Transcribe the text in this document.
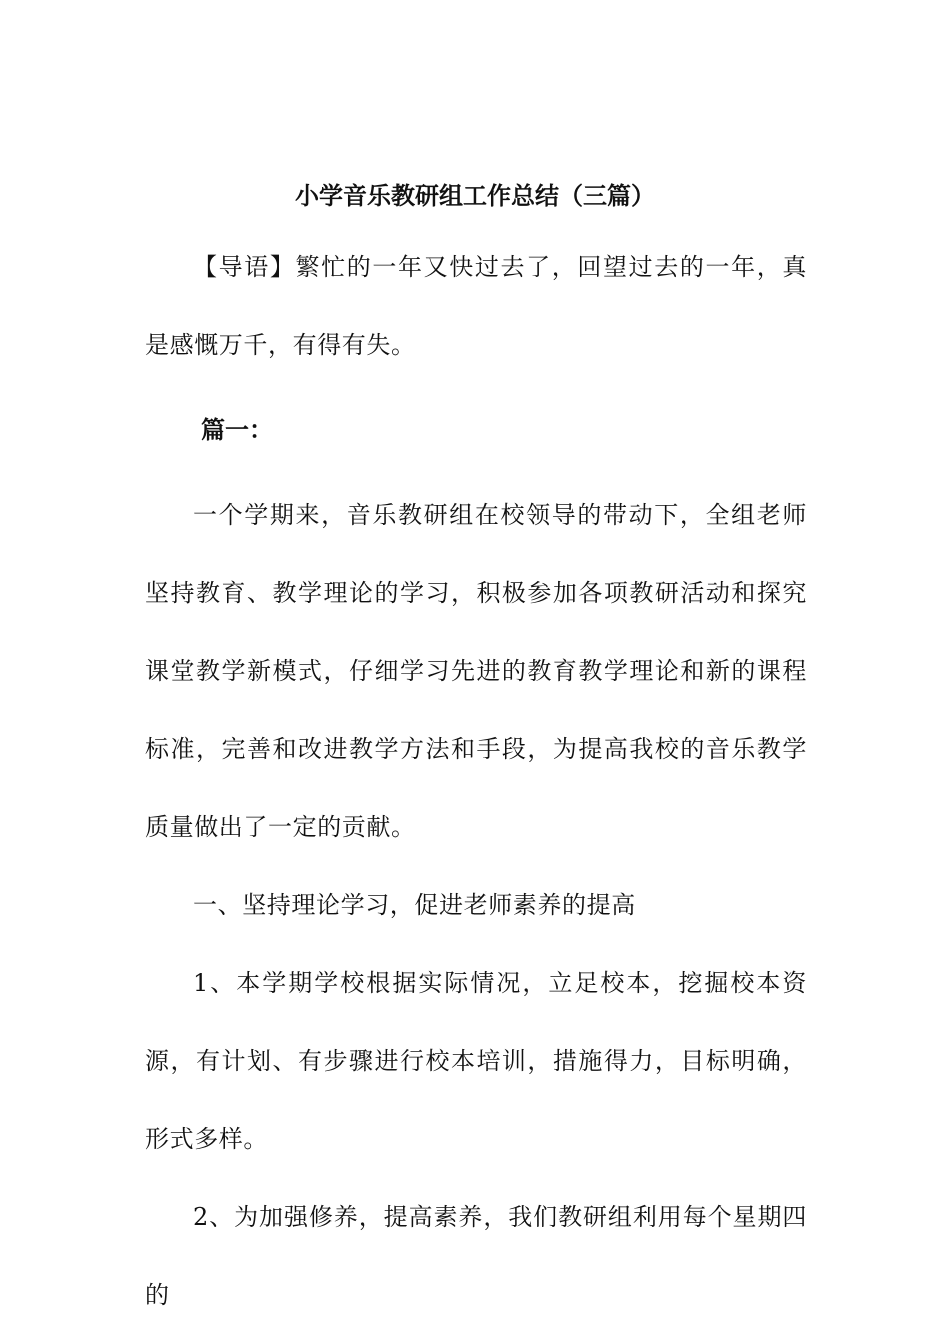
小学音乐教研组工作总结（三篇）

【导语】繁忙的一年又快过去了，回望过去的一年，真是感慨万千，有得有失。

篇一：

一个学期来，音乐教研组在校领导的带动下，全组老师坚持教育、教学理论的学习，积极参加各项教研活动和探究课堂教学新模式，仔细学习先进的教育教学理论和新的课程标准，完善和改进教学方法和手段，为提高我校的音乐教学质量做出了一定的贡献。

一、坚持理论学习，促进老师素养的提高

1、本学期学校根据实际情况，立足校本，挖掘校本资源，有计划、有步骤进行校本培训，措施得力，目标明确，形式多样。

2、为加强修养，提高素养，我们教研组利用每个星期四的
